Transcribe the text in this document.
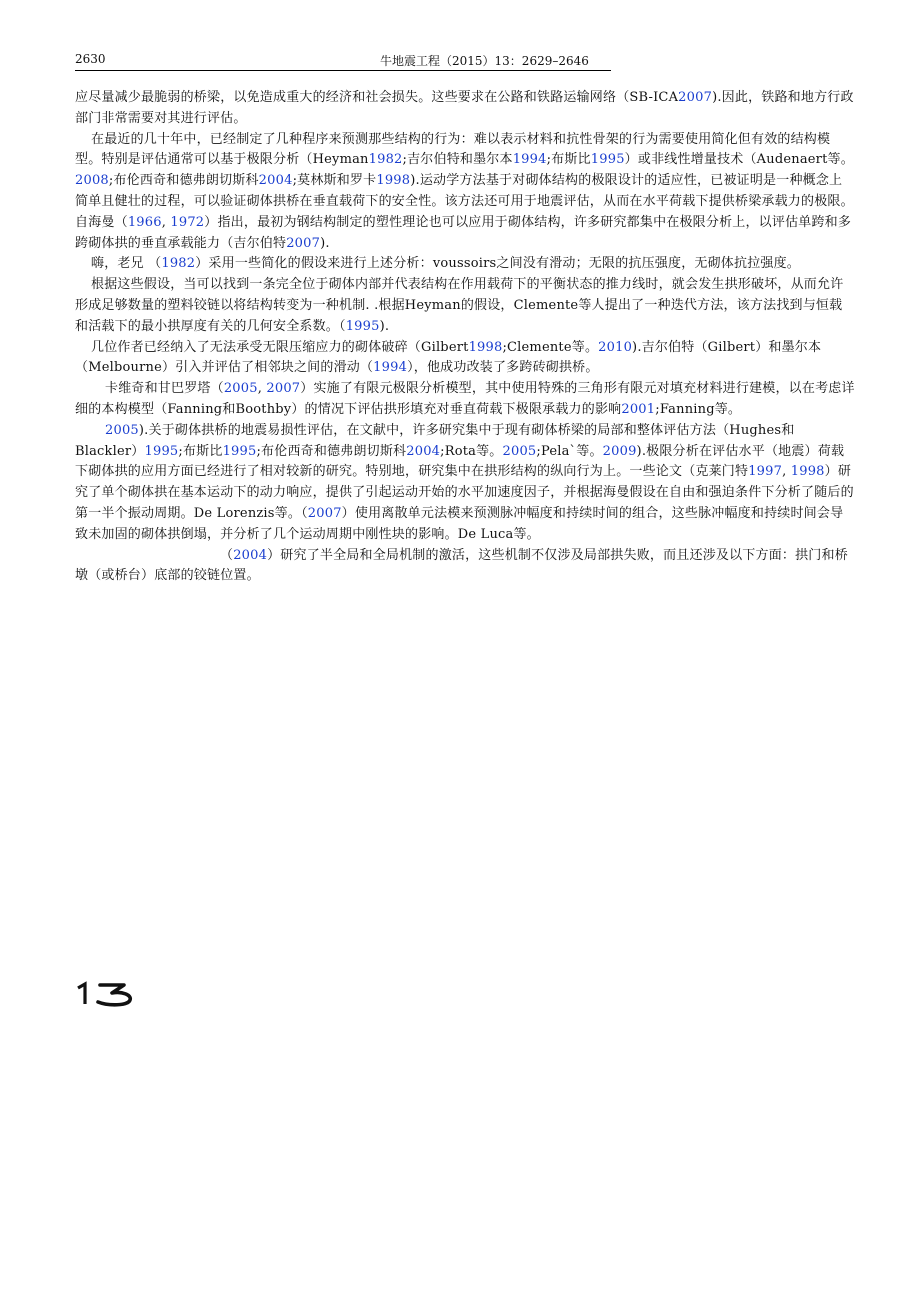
2630	牛地震工程（2015）13：2629–2646

应尽量减少最脆弱的桥梁，以免造成重大的经济和社会损失。这些要求在公路和铁路运输网络（SB-ICA2007).因此，铁路和地方行政部门非常需要对其进行评估。

在最近的几十年中，已经制定了几种程序来预测那些结构的行为：难以表示材料和抗性骨架的行为需要使用简化但有效的结构模型。特别是评估通常可以基于极限分析（Heyman1982;吉尔伯特和墨尔本1994;布斯比1995）或非线性增量技术（Audenaert等。2008;布伦西奇和德弗朗切斯科2004;莫林斯和罗卡1998).运动学方法基于对砌体结构的极限设计的适应性，已被证明是一种概念上简单且健壮的过程，可以验证砌体拱桥在垂直载荷下的安全性。该方法还可用于地震评估，从而在水平荷载下提供桥梁承载力的极限。自海曼（1966, 1972）指出，最初为钢结构制定的塑性理论也可以应用于砌体结构，许多研究都集中在极限分析上，以评估单跨和多跨砌体拱的垂直承载能力（吉尔伯特2007).

嗨，老兄 （1982）采用一些简化的假设来进行上述分析：voussoirs之间没有滑动；无限的抗压强度，无砌体抗拉强度。

根据这些假设，当可以找到一条完全位于砌体内部并代表结构在作用载荷下的平衡状态的推力线时，就会发生拱形破坏，从而允许形成足够数量的塑料铰链以将结构转变为一种机制. .根据Heyman的假设，Clemente等人提出了一种迭代方法，该方法找到与恒载和活载下的最小拱厚度有关的几何安全系数。（1995).

几位作者已经纳入了无法承受无限压缩应力的砌体破碎（Gilbert1998;Clemente等。2010).吉尔伯特（Gilbert）和墨尔本（Melbourne）引入并评估了相邻块之间的滑动（1994），他成功改装了多跨砖砌拱桥。

卡维奇和甘巴罗塔（2005, 2007）实施了有限元极限分析模型，其中使用特殊的三角形有限元对填充材料进行建模，以在考虑详细的本构模型（Fanning和Boothby）的情况下评估拱形填充对垂直荷载下极限承载力的影响2001;Fanning等。

2005).关于砌体拱桥的地震易损性评估，在文献中，许多研究集中于现有砌体桥梁的局部和整体评估方法（Hughes和Blackler）1995;布斯比1995;布伦西奇和德弗朗切斯科2004;Rota等。2005;Pela`等。2009).极限分析在评估水平（地震）荷载下砌体拱的应用方面已经进行了相对较新的研究。特别地，研究集中在拱形结构的纵向行为上。一些论文（克莱门特1997, 1998）研究了单个砌体拱在基本运动下的动力响应，提供了引起运动开始的水平加速度因子，并根据海曼假设在自由和强迫条件下分析了随后的第一半个振动周期。De Lorenzis等。（2007）使用离散单元法模来预测脉冲幅度和持续时间的组合，这些脉冲幅度和持续时间会导致未加固的砌体拱倒塌，并分析了几个运动周期中刚性块的影响。De Luca等。

（2004）研究了半全局和全局机制的激活，这些机制不仅涉及局部拱失败，而且还涉及以下方面：拱门和桥墩（或桥台）底部的铰链位置。
